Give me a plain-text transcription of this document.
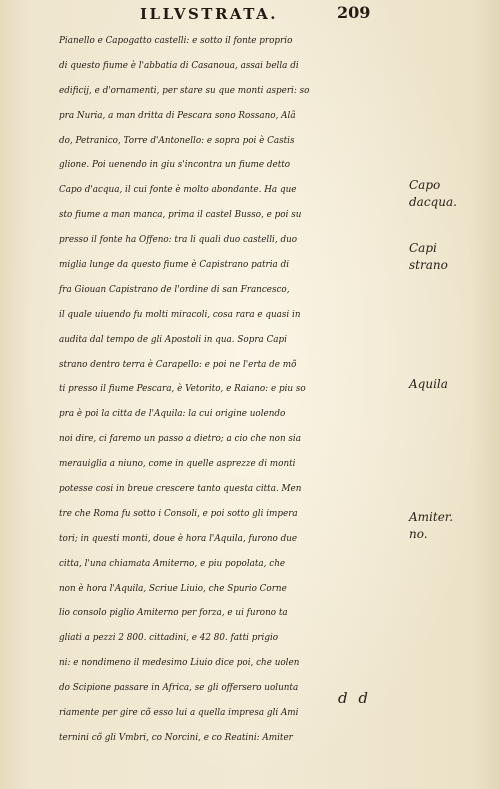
ILLVSTRATA.	209
Pianello e Capogatto castelli: e sotto il fonte proprio
di questo fiume è l'abbatia di Casanoua, assai bella di
edificij, e d'ornamenti, per stare su que monti asperi: so
pra Nuria, a man dritta di Pescara sono Rossano, Alâ
do, Petranico, Torre d'Antonello: e sopra poi è Castis
glione. Poi uenendo in giu s'incontra un fiume detto
Capo d'acqua, il cui fonte è molto abondante. Ha que
sto fiume a man manca, prima il castel Busso, e poi su
presso il fonte ha Offeno: tra li quali duo castelli, duo
miglia lunge da questo fiume è Capistrano patria di
fra Giouan Capistrano de l'ordine di san Francesco,
il quale uiuendo fu molti miracoli, cosa rara e quasi in
audita dal tempo de gli Apostoli in qua. Sopra Capi
strano dentro terra è Carapello: e poi ne l'erta de mõ
ti presso il fiume Pescara, è Vetorito, e Raiano: e piu so
pra è poi la citta de l'Aquila: la cui origine uolendo
noi dire, ci faremo un passo a dietro; a cio che non sia
merauiglia a niuno, come in quelle asprezze di monti
potesse cosi in breue crescere tanto questa citta. Men
tre che Roma fu sotto i Consoli, e poi sotto gli impera
tori; in questi monti, doue è hora l'Aquila, furono due
citta, l'una chiamata Amiterno, e piu popolata, che
non è hora l'Aquila, Scriue Liuio, che Spurio Corne
lio consolo piglio Amiterno per forza, e ui furono ta
gliati a pezzi 2 800. cittadini, e 42 80. fatti prigio
ni: e nondimeno il medesimo Liuio dice poi, che uolen
do Scipione passare in Africa, se gli offersero uolunta
riamente per gire cõ esso lui a quella impresa gli Ami
ternini cõ gli Vmbri, co Norcini, e co Reatini: Amiter
Capo
dacqua.
Capi
strano
Aquila
Amiter.
no.
d d
